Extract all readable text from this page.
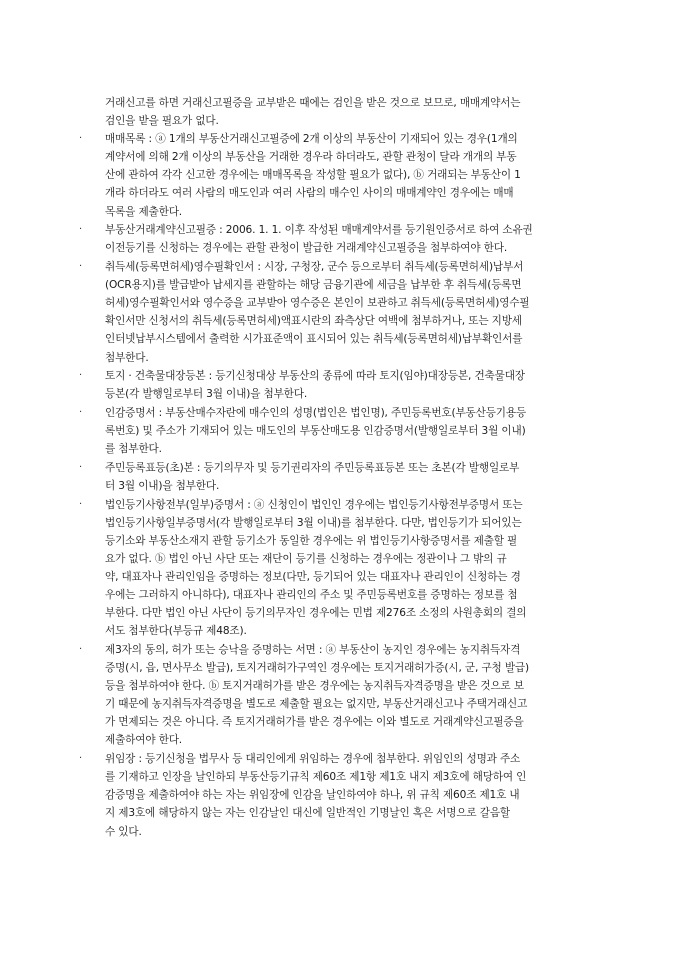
거래신고를 하면 거래신고필증을 교부받은 때에는 검인을 받은 것으로 보므로, 매매계약서는
검인을 받을 필요가 없다.
· 매매목록 : ⓐ 1개의 부동산거래신고필증에 2개 이상의 부동산이 기재되어 있는 경우(1개의
계약서에 의해 2개 이상의 부동산을 거래한 경우라 하더라도, 관할 관청이 달라 개개의 부동
산에 관하여 각각 신고한 경우에는 매매목록을 작성할 필요가 없다), ⓑ 거래되는 부동산이 1
개라 하더라도 여러 사람의 매도인과 여러 사람의 매수인 사이의 매매계약인 경우에는 매매
목록을 제출한다.
· 부동산거래계약신고필증 : 2006. 1. 1. 이후 작성된 매매계약서를 등기원인증서로 하여 소유권
이전등기를 신청하는 경우에는 관할 관청이 발급한 거래계약신고필증을 첨부하여야 한다.
· 취득세(등록면허세)영수필확인서 : 시장, 구청장, 군수 등으로부터 취득세(등록면허세)납부서
(OCR용지)를 발급받아 납세지를 관할하는 해당 금융기관에 세금을 납부한 후 취득세(등록면
허세)영수필확인서와 영수증을 교부받아 영수증은 본인이 보관하고 취득세(등록면허세)영수필
확인서만 신청서의 취득세(등록면허세)액표시란의 좌측상단 여백에 첨부하거나, 또는 지방세
인터넷납부시스템에서 출력한 시가표준액이 표시되어 있는 취득세(등록면허세)납부확인서를
첨부한다.
· 토지 · 건축물대장등본 : 등기신청대상 부동산의 종류에 따라 토지(임야)대장등본, 건축물대장
등본(각 발행일로부터 3월 이내)을 첨부한다.
· 인감증명서 : 부동산매수자란에 매수인의 성명(법인은 법인명), 주민등록번호(부동산등기용등
록번호) 및 주소가 기재되어 있는 매도인의 부동산매도용 인감증명서(발행일로부터 3월 이내)
를 첨부한다.
· 주민등록표등(초)본 : 등기의무자 및 등기권리자의 주민등록표등본 또는 초본(각 발행일로부
터 3월 이내)을 첨부한다.
· 법인등기사항전부(일부)증명서 : ⓐ 신청인이 법인인 경우에는 법인등기사항전부증명서 또는
법인등기사항일부증명서(각 발행일로부터 3월 이내)를 첨부한다. 다만, 법인등기가 되어있는
등기소와 부동산소재지 관할 등기소가 동일한 경우에는 위 법인등기사항증명서를 제출할 필
요가 없다. ⓑ 법인 아닌 사단 또는 재단이 등기를 신청하는 경우에는 정관이나 그 밖의 규
약, 대표자나 관리인임을 증명하는 정보(다만, 등기되어 있는 대표자나 관리인이 신청하는 경
우에는 그러하지 아니하다), 대표자나 관리인의 주소 및 주민등록번호를 증명하는 정보를 첨
부한다. 다만 법인 아닌 사단이 등기의무자인 경우에는 민법 제276조 소정의 사원총회의 결의
서도 첨부한다(부등규 제48조).
· 제3자의 동의, 허가 또는 승낙을 증명하는 서면 : ⓐ 부동산이 농지인 경우에는 농지취득자격
증명(시, 읍, 면사무소 발급), 토지거래허가구역인 경우에는 토지거래허가증(시, 군, 구청 발급)
등을 첨부하여야 한다. ⓑ 토지거래허가를 받은 경우에는 농지취득자격증명을 받은 것으로 보
기 때문에 농지취득자격증명을 별도로 제출할 필요는 없지만, 부동산거래신고나 주택거래신고
가 면제되는 것은 아니다. 즉 토지거래허가를 받은 경우에는 이와 별도로 거래계약신고필증을
제출하여야 한다.
· 위임장 : 등기신청을 법무사 등 대리인에게 위임하는 경우에 첨부한다. 위임인의 성명과 주소
를 기재하고 인장을 날인하되 부동산등기규칙 제60조 제1항 제1호 내지 제3호에 해당하여 인
감증명을 제출하여야 하는 자는 위임장에 인감을 날인하여야 하나, 위 규칙 제60조 제1호 내
지 제3호에 해당하지 않는 자는 인감날인 대신에 일반적인 기명날인 혹은 서명으로 갈음할
수 있다.
